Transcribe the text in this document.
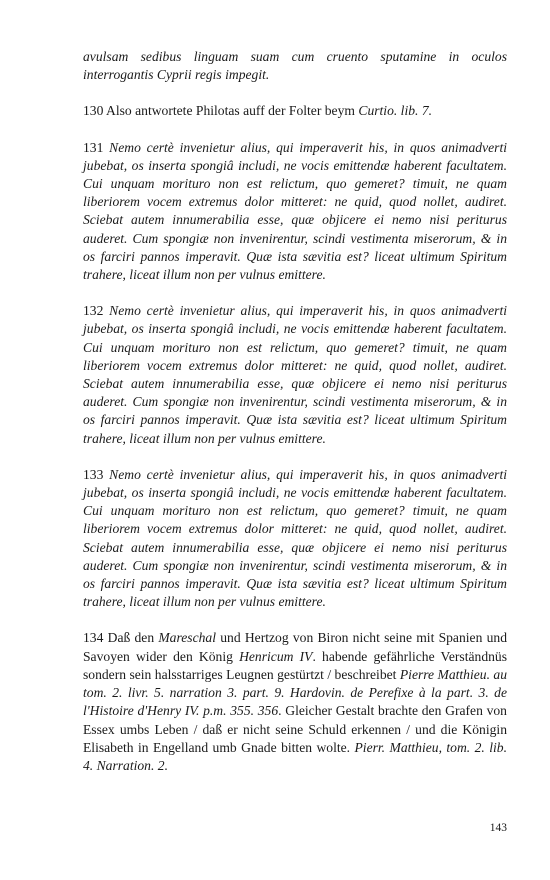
avulsam sedibus linguam suam cum cruento sputamine in oculos interrogantis Cyprii regis impegit.
130 Also antwortete Philotas auff der Folter beym Curtio. lib. 7.
131 Nemo certè invenietur alius, qui imperaverit his, in quos animadverti jubebat, os inserta spongiâ includi, ne vocis emittendæ haberent facultatem. Cui unquam morituro non est relictum, quo gemeret? timuit, ne quam liberiorem vocem extremus dolor mitteret: ne quid, quod nollet, audiret. Sciebat autem innumerabilia esse, quæ objicere ei nemo nisi periturus auderet. Cum spongiæ non invenirentur, scindi vestimenta miserorum, & in os farciri pannos imperavit. Quæ ista sævitia est? liceat ultimum Spiritum trahere, liceat illum non per vulnus emittere.
132 Nemo certè invenietur alius, qui imperaverit his, in quos animadverti jubebat, os inserta spongiâ includi, ne vocis emittendæ haberent facultatem. Cui unquam morituro non est relictum, quo gemeret? timuit, ne quam liberiorem vocem extremus dolor mitteret: ne quid, quod nollet, audiret. Sciebat autem innumerabilia esse, quæ objicere ei nemo nisi periturus auderet. Cum spongiæ non invenirentur, scindi vestimenta miserorum, & in os farciri pannos imperavit. Quæ ista sævitia est? liceat ultimum Spiritum trahere, liceat illum non per vulnus emittere.
133 Nemo certè invenietur alius, qui imperaverit his, in quos animadverti jubebat, os inserta spongiâ includi, ne vocis emittendæ haberent facultatem. Cui unquam morituro non est relictum, quo gemeret? timuit, ne quam liberiorem vocem extremus dolor mitteret: ne quid, quod nollet, audiret. Sciebat autem innumerabilia esse, quæ objicere ei nemo nisi periturus auderet. Cum spongiæ non invenirentur, scindi vestimenta miserorum, & in os farciri pannos imperavit. Quæ ista sævitia est? liceat ultimum Spiritum trahere, liceat illum non per vulnus emittere.
134 Daß den Mareschal und Hertzog von Biron nicht seine mit Spanien und Savoyen wider den König Henricum IV. habende gefährliche Verständnüs sondern sein halsstarriges Leugnen gestürtzt / beschreibet Pierre Matthieu. au tom. 2. livr. 5. narration 3. part. 9. Hardovin. de Perefixe à la part. 3. de l'Histoire d'Henry IV. p.m. 355. 356. Gleicher Gestalt brachte den Grafen von Essex umbs Leben / daß er nicht seine Schuld erkennen / und die Königin Elisabeth in Engelland umb Gnade bitten wolte. Pierr. Matthieu, tom. 2. lib. 4. Narration. 2.
143
